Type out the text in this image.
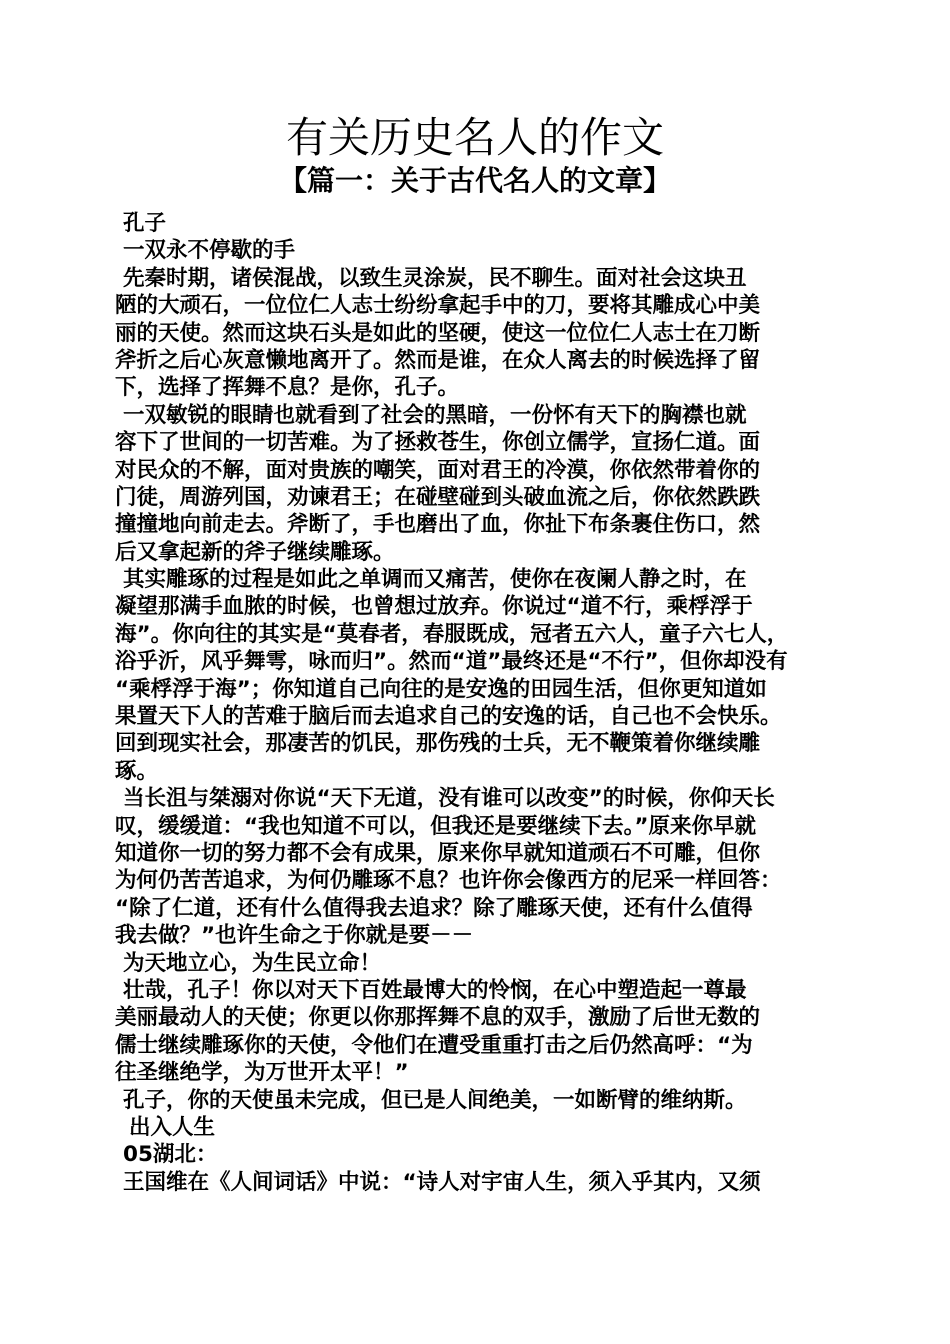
有关历史名人的作文
【篇一：关于古代名人的文章】
孔子
一双永不停歇的手
先秦时期，诸侯混战，以致生灵涂炭，民不聊生。面对社会这块丑
陋的大顽石，一位位仁人志士纷纷拿起手中的刀，要将其雕成心中美
丽的天使。然而这块石头是如此的坚硬，使这一位位仁人志士在刀断
斧折之后心灰意懒地离开了。然而是谁，在众人离去的时候选择了留
下，选择了挥舞不息？是你，孔子。
一双敏锐的眼睛也就看到了社会的黑暗，一份怀有天下的胸襟也就
容下了世间的一切苦难。为了拯救苍生，你创立儒学，宣扬仁道。面
对民众的不解，面对贵族的嘲笑，面对君王的冷漠，你依然带着你的
门徒，周游列国，劝谏君王；在碰壁碰到头破血流之后，你依然跌跌
撞撞地向前走去。斧断了，手也磨出了血，你扯下布条裹住伤口，然
后又拿起新的斧子继续雕琢。
其实雕琢的过程是如此之单调而又痛苦，使你在夜阑人静之时，在
凝望那满手血脓的时候，也曾想过放弃。你说过“道不行，乘桴浮于
海”。你向往的其实是“莫春者，春服既成，冠者五六人，童子六七人，
浴乎沂，风乎舞雩，咏而归”。然而“道”最终还是“不行”，但你却没有
“乘桴浮于海”；你知道自己向往的是安逸的田园生活，但你更知道如
果置天下人的苦难于脑后而去追求自己的安逸的话，自己也不会快乐。
回到现实社会，那凄苦的饥民，那伤残的士兵，无不鞭策着你继续雕
琢。
当长沮与桀溺对你说“天下无道，没有谁可以改变”的时候，你仰天长
叹，缓缓道：“我也知道不可以，但我还是要继续下去。”原来你早就
知道你一切的努力都不会有成果，原来你早就知道顽石不可雕，但你
为何仍苦苦追求，为何仍雕琢不息？也许你会像西方的尼采一样回答：
“除了仁道，还有什么值得我去追求？除了雕琢天使，还有什么值得
我去做？”也许生命之于你就是要－－
为天地立心，为生民立命！
壮哉，孔子！你以对天下百姓最博大的怜悯，在心中塑造起一尊最
美丽最动人的天使；你更以你那挥舞不息的双手，激励了后世无数的
儒士继续雕琢你的天使，令他们在遭受重重打击之后仍然高呼：“为
往圣继绝学，为万世开太平！”
孔子，你的天使虽未完成，但已是人间绝美，一如断臂的维纳斯。
出入人生
05湖北：
王国维在《人间词话》中说：“诗人对宇宙人生，须入乎其内，又须
